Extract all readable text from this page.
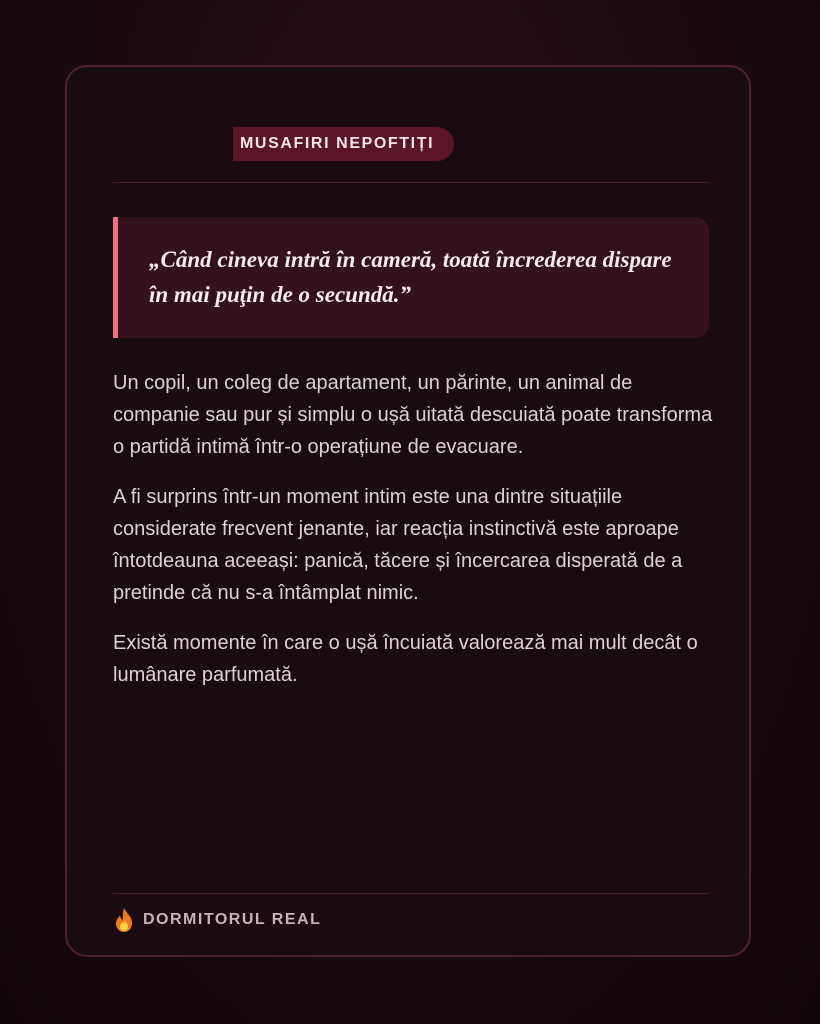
MUSAFIRI NEPOFTIȚI

„Când cineva intră în cameră, toată încrederea dispare în mai puţin de o secundă.”

Un copil, un coleg de apartament, un părinte, un animal de companie sau pur și simplu o ușă uitată descuiată poate transforma o partidă intimă într-o operațiune de evacuare.

A fi surprins într-un moment intim este una dintre situațiile considerate frecvent jenante, iar reacția instinctivă este aproape întotdeauna aceeași: panică, tăcere și încercarea disperată de a pretinde că nu s-a întâmplat nimic.

Există momente în care o ușă încuiată valorează mai mult decât o lumânare parfumată.

DORMITORUL REAL
